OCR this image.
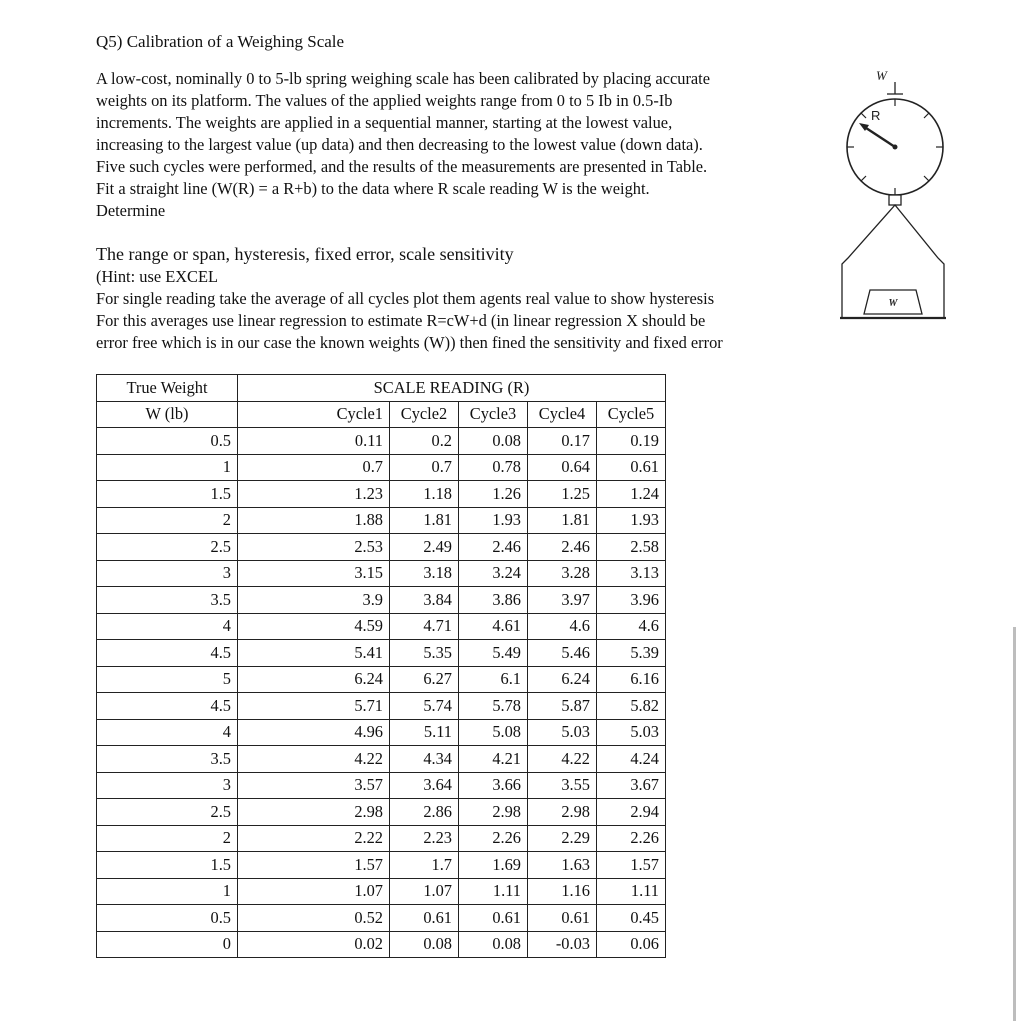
Q5) Calibration of a Weighing Scale
A low-cost, nominally 0 to 5-lb spring weighing scale has been calibrated by placing accurate
weights on its platform. The values of the applied weights range from 0 to 5 Ib in 0.5-Ib
increments. The weights are applied in a sequential manner, starting at the lowest value,
increasing to the largest value (up data) and then decreasing to the lowest value (down data).
Five such cycles were performed, and the results of the measurements are presented in Table.
Fit a straight line (W(R) = a R+b) to the data where R scale reading W is the weight.
Determine
The range or span, hysteresis, fixed error, scale sensitivity
(Hint: use EXCEL
For single reading take the average of all cycles plot them agents real value to show hysteresis
For this averages use linear regression to estimate R=cW+d (in linear regression X should be
error free which is in our case the known weights (W)) then fined the sensitivity and fixed error
W
R
W
True Weight	SCALE READING (R)				
W (lb)	Cycle1	Cycle2	Cycle3	Cycle4	Cycle5
0.5	0.11	0.2	0.08	0.17	0.19
1	0.7	0.7	0.78	0.64	0.61
1.5	1.23	1.18	1.26	1.25	1.24
2	1.88	1.81	1.93	1.81	1.93
2.5	2.53	2.49	2.46	2.46	2.58
3	3.15	3.18	3.24	3.28	3.13
3.5	3.9	3.84	3.86	3.97	3.96
4	4.59	4.71	4.61	4.6	4.6
4.5	5.41	5.35	5.49	5.46	5.39
5	6.24	6.27	6.1	6.24	6.16
4.5	5.71	5.74	5.78	5.87	5.82
4	4.96	5.11	5.08	5.03	5.03
3.5	4.22	4.34	4.21	4.22	4.24
3	3.57	3.64	3.66	3.55	3.67
2.5	2.98	2.86	2.98	2.98	2.94
2	2.22	2.23	2.26	2.29	2.26
1.5	1.57	1.7	1.69	1.63	1.57
1	1.07	1.07	1.11	1.16	1.11
0.5	0.52	0.61	0.61	0.61	0.45
0	0.02	0.08	0.08	-0.03	0.06
